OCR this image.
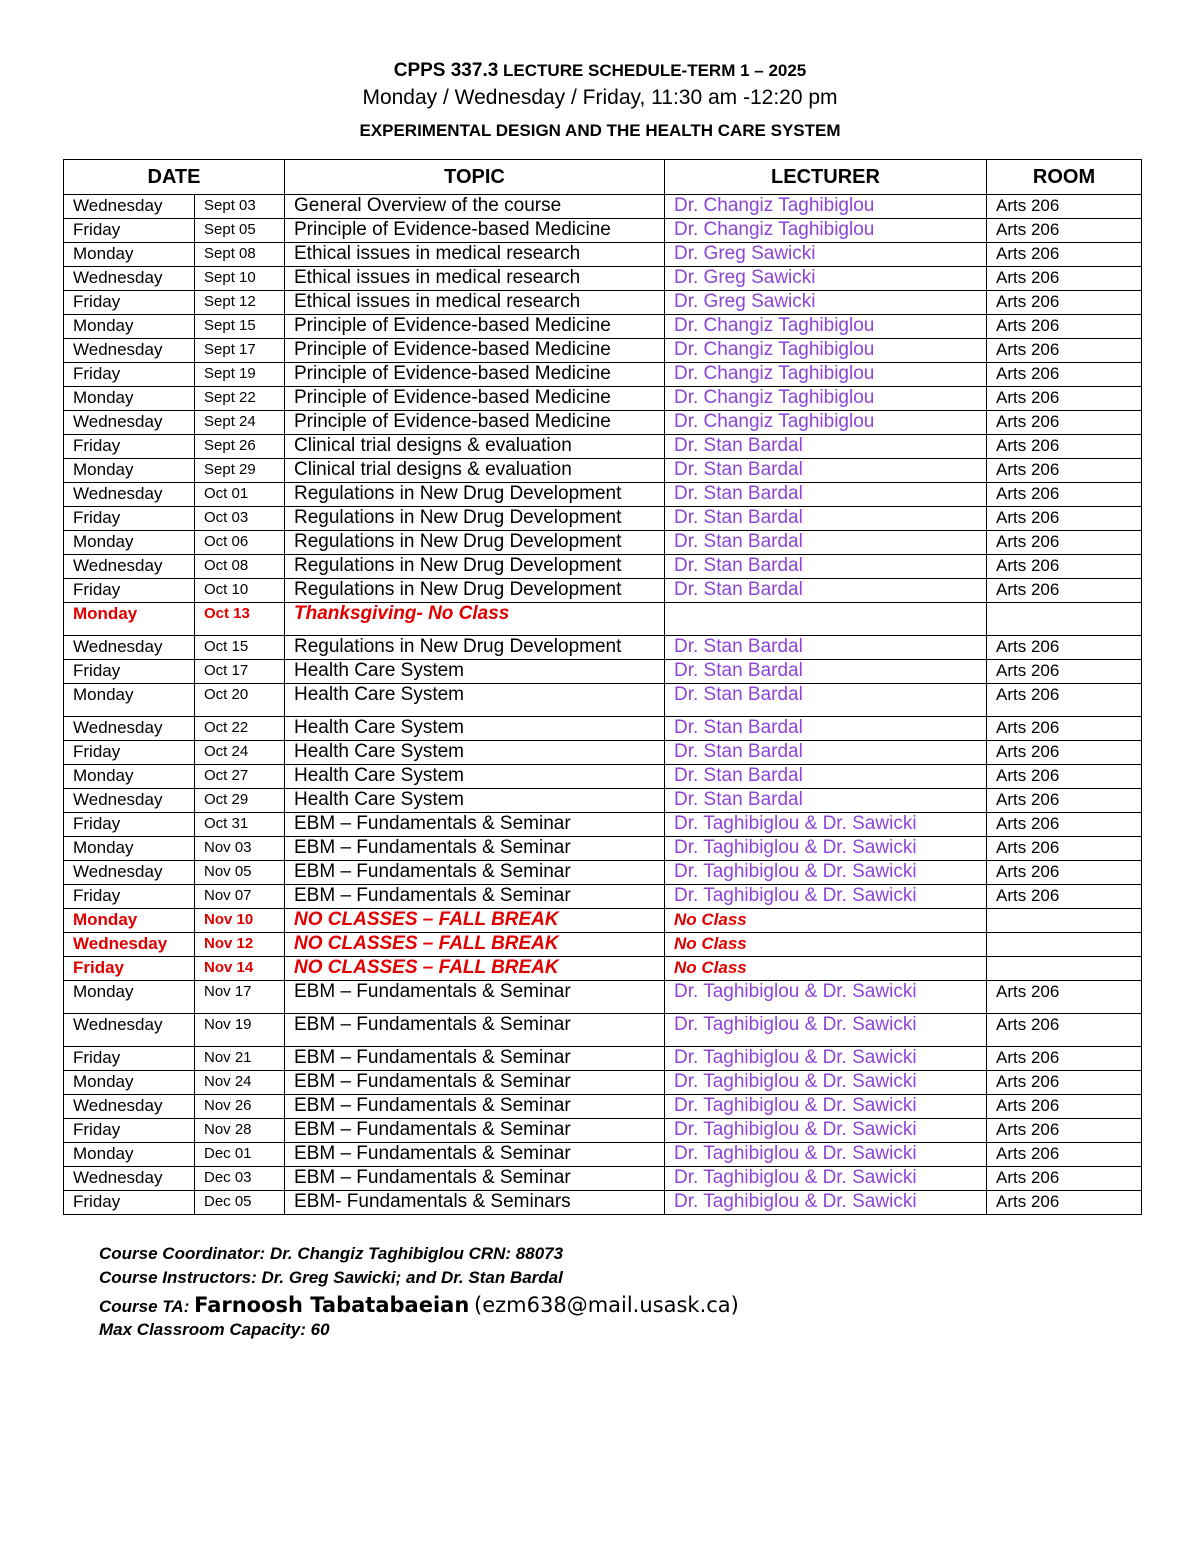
CPPS 337.3 LECTURE SCHEDULE-TERM 1 – 2025
Monday / Wednesday / Friday, 11:30 am -12:20 pm
EXPERIMENTAL DESIGN AND THE HEALTH CARE SYSTEM
DATE		TOPIC	LECTURER	ROOM
Wednesday	Sept 03	General Overview of the course	Dr. Changiz Taghibiglou	Arts 206
Friday	Sept 05	Principle of Evidence-based Medicine	Dr. Changiz Taghibiglou	Arts 206
Monday	Sept 08	Ethical issues in medical research	Dr. Greg Sawicki	Arts 206
Wednesday	Sept 10	Ethical issues in medical research	Dr. Greg Sawicki	Arts 206
Friday	Sept 12	Ethical issues in medical research	Dr. Greg Sawicki	Arts 206
Monday	Sept 15	Principle of Evidence-based Medicine	Dr. Changiz Taghibiglou	Arts 206
Wednesday	Sept 17	Principle of Evidence-based Medicine	Dr. Changiz Taghibiglou	Arts 206
Friday	Sept 19	Principle of Evidence-based Medicine	Dr. Changiz Taghibiglou	Arts 206
Monday	Sept 22	Principle of Evidence-based Medicine	Dr. Changiz Taghibiglou	Arts 206
Wednesday	Sept 24	Principle of Evidence-based Medicine	Dr. Changiz Taghibiglou	Arts 206
Friday	Sept 26	Clinical trial designs & evaluation	Dr. Stan Bardal	Arts 206
Monday	Sept 29	Clinical trial designs & evaluation	Dr. Stan Bardal	Arts 206
Wednesday	Oct 01	Regulations in New Drug Development	Dr. Stan Bardal	Arts 206
Friday	Oct 03	Regulations in New Drug Development	Dr. Stan Bardal	Arts 206
Monday	Oct 06	Regulations in New Drug Development	Dr. Stan Bardal	Arts 206
Wednesday	Oct 08	Regulations in New Drug Development	Dr. Stan Bardal	Arts 206
Friday	Oct 10	Regulations in New Drug Development	Dr. Stan Bardal	Arts 206
Monday	Oct 13	Thanksgiving- No Class		
Wednesday	Oct 15	Regulations in New Drug Development	Dr. Stan Bardal	Arts 206
Friday	Oct 17	Health Care System	Dr. Stan Bardal	Arts 206
Monday	Oct 20	Health Care System	Dr. Stan Bardal	Arts 206
Wednesday	Oct 22	Health Care System	Dr. Stan Bardal	Arts 206
Friday	Oct 24	Health Care System	Dr. Stan Bardal	Arts 206
Monday	Oct 27	Health Care System	Dr. Stan Bardal	Arts 206
Wednesday	Oct 29	Health Care System	Dr. Stan Bardal	Arts 206
Friday	Oct 31	EBM – Fundamentals & Seminar	Dr. Taghibiglou & Dr. Sawicki	Arts 206
Monday	Nov 03	EBM – Fundamentals & Seminar	Dr. Taghibiglou & Dr. Sawicki	Arts 206
Wednesday	Nov 05	EBM – Fundamentals & Seminar	Dr. Taghibiglou & Dr. Sawicki	Arts 206
Friday	Nov 07	EBM – Fundamentals & Seminar	Dr. Taghibiglou & Dr. Sawicki	Arts 206
Monday	Nov 10	NO CLASSES – FALL BREAK	No Class	
Wednesday	Nov 12	NO CLASSES – FALL BREAK	No Class	
Friday	Nov 14	NO CLASSES – FALL BREAK	No Class	
Monday	Nov 17	EBM – Fundamentals & Seminar	Dr. Taghibiglou & Dr. Sawicki	Arts 206
Wednesday	Nov 19	EBM – Fundamentals & Seminar	Dr. Taghibiglou & Dr. Sawicki	Arts 206
Friday	Nov 21	EBM – Fundamentals & Seminar	Dr. Taghibiglou & Dr. Sawicki	Arts 206
Monday	Nov 24	EBM – Fundamentals & Seminar	Dr. Taghibiglou & Dr. Sawicki	Arts 206
Wednesday	Nov 26	EBM – Fundamentals & Seminar	Dr. Taghibiglou & Dr. Sawicki	Arts 206
Friday	Nov 28	EBM – Fundamentals & Seminar	Dr. Taghibiglou & Dr. Sawicki	Arts 206
Monday	Dec 01	EBM – Fundamentals & Seminar	Dr. Taghibiglou & Dr. Sawicki	Arts 206
Wednesday	Dec 03	EBM – Fundamentals & Seminar	Dr. Taghibiglou & Dr. Sawicki	Arts 206
Friday	Dec 05	EBM- Fundamentals & Seminars	Dr. Taghibiglou & Dr. Sawicki	Arts 206
Course Coordinator: Dr. Changiz Taghibiglou CRN: 88073
Course Instructors: Dr. Greg Sawicki; and Dr. Stan Bardal
Course TA: Farnoosh Tabatabaeian (ezm638@mail.usask.ca)
Max Classroom Capacity: 60
